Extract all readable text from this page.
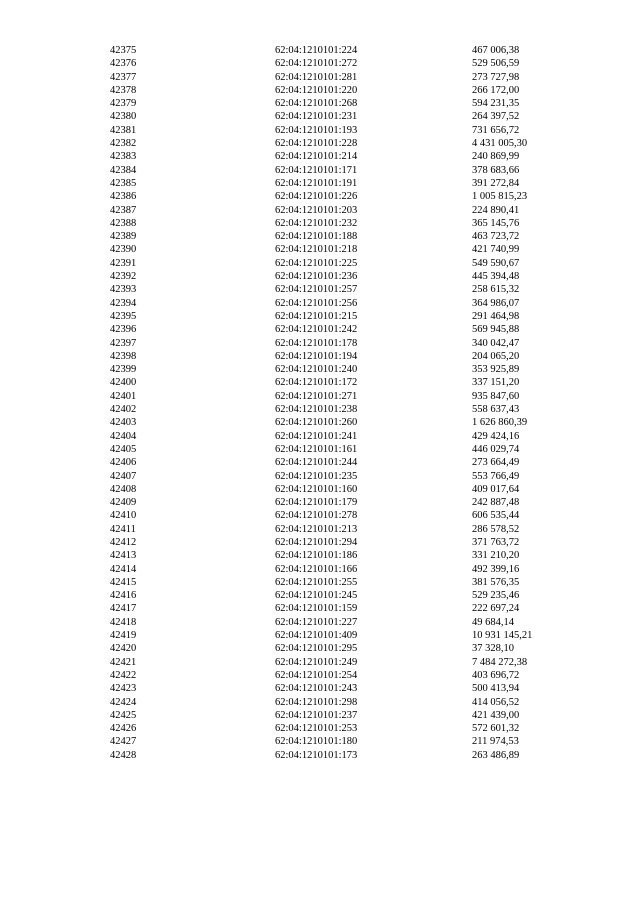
42375	62:04:1210101:224	467 006,38
42376	62:04:1210101:272	529 506,59
42377	62:04:1210101:281	273 727,98
42378	62:04:1210101:220	266 172,00
42379	62:04:1210101:268	594 231,35
42380	62:04:1210101:231	264 397,52
42381	62:04:1210101:193	731 656,72
42382	62:04:1210101:228	4 431 005,30
42383	62:04:1210101:214	240 869,99
42384	62:04:1210101:171	378 683,66
42385	62:04:1210101:191	391 272,84
42386	62:04:1210101:226	1 005 815,23
42387	62:04:1210101:203	224 890,41
42388	62:04:1210101:232	365 145,76
42389	62:04:1210101:188	463 723,72
42390	62:04:1210101:218	421 740,99
42391	62:04:1210101:225	549 590,67
42392	62:04:1210101:236	445 394,48
42393	62:04:1210101:257	258 615,32
42394	62:04:1210101:256	364 986,07
42395	62:04:1210101:215	291 464,98
42396	62:04:1210101:242	569 945,88
42397	62:04:1210101:178	340 042,47
42398	62:04:1210101:194	204 065,20
42399	62:04:1210101:240	353 925,89
42400	62:04:1210101:172	337 151,20
42401	62:04:1210101:271	935 847,60
42402	62:04:1210101:238	558 637,43
42403	62:04:1210101:260	1 626 860,39
42404	62:04:1210101:241	429 424,16
42405	62:04:1210101:161	446 029,74
42406	62:04:1210101:244	273 664,49
42407	62:04:1210101:235	553 766,49
42408	62:04:1210101:160	409 017,64
42409	62:04:1210101:179	242 887,48
42410	62:04:1210101:278	606 535,44
42411	62:04:1210101:213	286 578,52
42412	62:04:1210101:294	371 763,72
42413	62:04:1210101:186	331 210,20
42414	62:04:1210101:166	492 399,16
42415	62:04:1210101:255	381 576,35
42416	62:04:1210101:245	529 235,46
42417	62:04:1210101:159	222 697,24
42418	62:04:1210101:227	49 684,14
42419	62:04:1210101:409	10 931 145,21
42420	62:04:1210101:295	37 328,10
42421	62:04:1210101:249	7 484 272,38
42422	62:04:1210101:254	403 696,72
42423	62:04:1210101:243	500 413,94
42424	62:04:1210101:298	414 056,52
42425	62:04:1210101:237	421 439,00
42426	62:04:1210101:253	572 601,32
42427	62:04:1210101:180	211 974,53
42428	62:04:1210101:173	263 486,89
